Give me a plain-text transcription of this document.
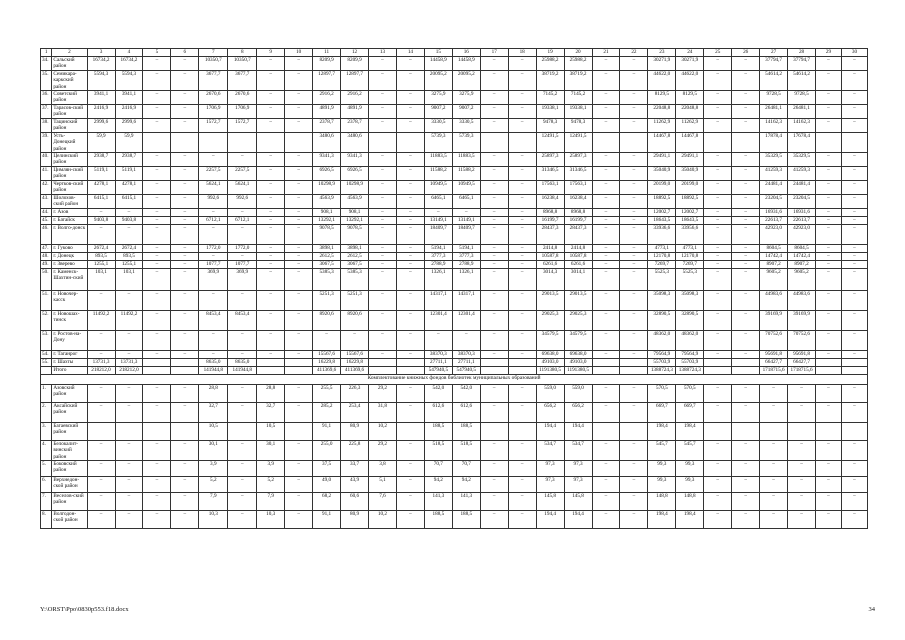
1	2	3	4	5	6	7	8	9	10	11	12	13	14	15	16	17	18	19	20	21	22	23	24	25	26	27	28	29	30
34.	Сальский район	16734,2	16734,2	–	–	10350,7	10350,7	–	–	8209,9	8209,9	–	–	14458,9	14458,9	–	–	25988,2	25988,2	–	–	30271,9	30271,9	–	–	37794,7	37794,7	–	–
35.	Семикара-каркский район	5594,3	5594,3	–	–	3677,7	3677,7	–	–	12897,7	12897,7	–	–	20095,2	20095,2	–	–	38719,2	38719,2	–	–	44622,0	44622,0	–	–	54614,2	54614,2	–	–
36.	Советский район	3941,1	3941,1	–	–	2670,6	2670,6	–	–	2916,2	2916,2	–	–	3275,9	3275,9	–	–	7145,2	7145,2	–	–	8129,5	8129,5	–	–	9728,5	9728,5	–	–
37.	Тарасов-ский район	2416,9	2416,9	–	–	1706,9	1706,9	–	–	4891,9	4891,9	–	–	9007,2	9007,2	–	–	19338,1	19338,1	–	–	22048,8	22048,8	–	–	26481,1	26481,1	–	–
38.	Тацинский район	2999,6	2999,6	–	–	1572,7	1572,7	–	–	2378,7	2378,7	–	–	3330,5	3330,5	–	–	9478,3	9478,3	–	–	11262,9	11262,9	–	–	14162,3	14162,3	–	–
39.	Усть-Донецкий район	59,9	59,9							3480,6	3480,6			5739,3	5739,3			12491,5	12491,5			14467,8	14467,8			17878,4	17678,4		
40.	Целинский район	2938,7	2938,7	–	–	–	–	–	–	9341,3	9341,3	–	–	11883,5	11883,5	–	–	25897,3	25897,3	–	–	29491,1	29491,1	–	–	35329,5	35329,5	–	–
41.	Цимлян-ский район	5119,1	5119,1	–	–	2257,5	2257,5	–	–	6926,5	6926,5	–	–	11588,2	11588,2	–	–	31346,5	31346,5	–	–	35040,9	35040,9	–	–	41259,3	41259,3	–	–
42.	Чертков-ский район	4278,1	4278,1	–	–	5624,1	5624,1	–	–	10298,9	10298,9	–	–	10949,5	10949,5	–	–	17563,1	17563,1	–	–	20199,0	20199,0	–	–	24481,4	24481,4	–	–
43.	Шолохов-ский район	6415,1	6415,1	–	–	992,6	992,6	–	–	4563,9	4563,9	–	–	6465,1	6465,1	–	–	16238,4	16238,4	–	–	18892,5	18892,5	–	–	23204,5	23204,5	–	–
44.	г. Азов	–	–	–	–	–	–	–	–	908,1	908,1	–	–	–	–	–	–	8968,8	8968,8	–	–	12002,7	12002,7	–	–	16931,6	16931,6	–	–
45.	г. Батайск	9403,8	9403,8	–	–	6712,1	6712,1	–	–	13292,1	13292,1	–	–	13149,1	13149,1	–	–	16199,7	16199,7	–	–	18643,5	18643,5	–	–	22613,7	22613,7	–	–
46.	г. Волго-донск	–	–	–	–	–	–	–	–	9078,5	9078,5	–	–	18409,7	18409,7	–	–	28437,3	28437,3	–	–	33936,6	33956,6	–	–	42923,0	42923,0	–	–
47.	г. Гуково	2672,4	2672,4	–	–	1772,0	1772,0	–	–	3898,1	3898,1	–	–	5194,1	5194,1	–	–	2414,8	2414,8	–	–	4773,1	4773,1	–	–	8604,5	8604,5	–	–
48.	г. Донецк	893,5	893,5	–	–	–	–	–	–	2612,5	2612,5	–	–	3777,3	3777,3	–	–	10587,8	10587,8	–	–	12170,8	12170,8	–	–	14742,4	14742,4	–	–
49.	г. Зверево	1255,1	1255,1	–	–	1077,7	1077,7	–	–	3067,5	3067,5	–	–	2788,9	2788,9	–	–	6261,6	6261,6	–	–	7269,7	7269,7	–	–	8907,2	8907,2	–	–
50.	г. Каменск-Шахтин-ский	103,1	103,1	–	–	369,9	369,9	–	–	5385,3	5385,3	–	–	1326,1	1326,1	–	–	3014,3	3014,1	–	–	5525,3	5525,3	–	–	9605,2	9605,2	–	–
51.	г. Новочер-касск	–	–	–	–	–	–	–	–	5251,3	5251,3	–	–	14317,1	14317,1	–	–	29013,5	29013,5	–	–	35098,3	35098,3	–	–	44983,6	44983,6	–	–
52.	г. Новошах-тинск	11492,2	11492,2	–	–	8453,4	8453,4	–	–	8920,6	8920,6	–	–	12301,4	12301,4	–	–	29025,3	29025,3	–	–	32890,5	32890,5	–	–	39169,9	39169,9	–	–
53.	г. Ростов-на-Дону	–	–	–	–	–	–	–	–	–	–	–	–	–	–	–	–	34579,5	34579,5	–	–	48362,0	48362,0	–	–	70752,6	70752,6	–	–
54.	г. Таганрог	–	–	–	–	–	–	–	–	15567,6	15567,6	–	–	38370,3	38370,3	–	–	69638,0	69638,0	–	–	79564,9	79564,9	–	–	95691,8	95691,8	–	–
55.	г. Шахты	13731,3	13731,3			8635,0	8635,0			16229,8	16229,8			27711,1	27711,1			49103,0	49103,0			55703,9	55703,9			66427,7	66427,7		
	Итого	218212,0	218212,0			141944,8	141944,8			411369,6	411369,6			547940,5	547940,5			1191380,5	1191380,5			1388724,3	1388724,3			1718715,6	1718715,6		
Комплектование книжных фондов библиотек муниципальных образований																													
1.	Азовский район	–	–	–	–	28,8	–	28,8	–	255,5	226,3	29,2	–	542,0	542,0	–	–	559,0	559,0	–	–	570,5	570,5	–	–	–	–	–	–
2.	Аксайский район	–	–	–	–	32,7	–	32,7	–	285,2	253,4	31,8	–	612,6	612,6	–	–	656,2	656,2	–	–	669,7	669,7	–	–	–	–	–	–
3.	Багаевский район					10,5		10,5		91,1	80,9	10,2		188,5	188,5			194,4	194,4			198,4	198,4						
4.	Белокалит-винский район	–	–	–	–	30,1	–	30,1	–	255,0	225,8	29,2	–	518,5	518,5	–	–	534,7	534,7	–	–	545,7	545,7	–	–	–	–	–	–
5.	Боковский район	–	–	–	–	3,9	–	3,9	–	37,5	33,7	3,8	–	70,7	70,7	–	–	97,3	97,3	–	–	99,3	99,3	–	–	–	–	–	–
6.	Верхнедон-ской район	–	–	–	–	5,2	–	5,2	–	49,0	43,9	5,1	–	94,2	94,2	–	–	97,3	97,3	–	–	99,3	99,3	–	–	–	–	–	–
7.	Веселов-ский район	–	–	–	–	7,9	–	7,9	–	68,2	60,6	7,6	–	141,3	141,3	–	–	145,8	145,8	–	–	148,8	148,8	–	–	–	–	–	–
8.	Волгодон-ской район	–	–	–	–	10,3	–	10,3	–	91,1	80,9	10,2	–	188,5	188,5	–	–	194,4	194,4	–	–	198,4	198,4	–	–	–	–	–	–
Y:\ORST\Ppo\0830p553.f18.docx	34
